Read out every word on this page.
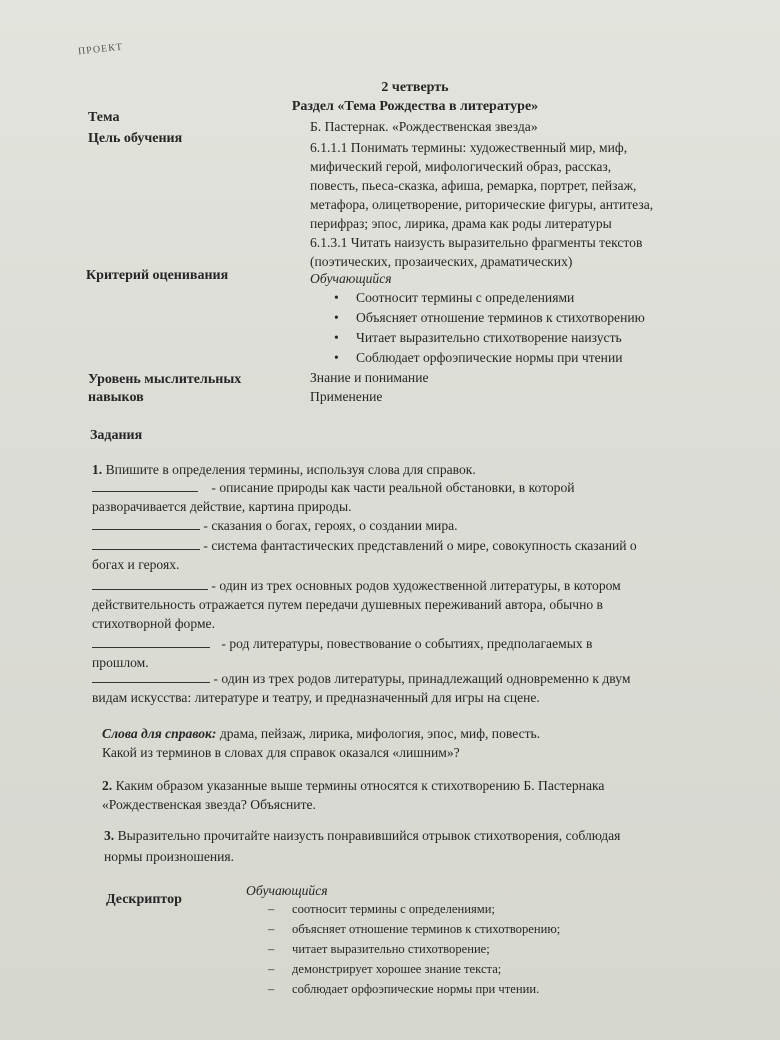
ПРОЕКТ
2 четверть
Раздел «Тема Рождества в литературе»
Тема
Б. Пастернак. «Рождественская звезда»
Цель обучения
6.1.1.1 Понимать термины: художественный мир, миф,
мифический герой, мифологический образ, рассказ,
повесть, пьеса-сказка, афиша, ремарка, портрет, пейзаж,
метафора, олицетворение, риторические фигуры, антитеза,
перифраз; эпос, лирика, драма как роды литературы
6.1.3.1 Читать наизусть выразительно фрагменты текстов
(поэтических, прозаических, драматических)
Критерий оценивания	Обучающийся
• Соотносит термины с определениями
• Объясняет отношение терминов к стихотворению
• Читает выразительно стихотворение наизусть
• Соблюдает орфоэпические нормы при чтении
Уровень мыслительных
навыков
Знание и понимание
Применение
Задания
1. Впишите в определения термины, используя слова для справок.
- описание природы как части реальной обстановки, в которой
разворачивается действие, картина природы.
- сказания о богах, героях, о создании мира.
- система фантастических представлений о мире, совокупность сказаний о
богах и героях.
- один из трех основных родов художественной литературы, в котором
действительность отражается путем передачи душевных переживаний автора, обычно в
стихотворной форме.
- род литературы, повествование о событиях, предполагаемых в
прошлом.
- один из трех родов литературы, принадлежащий одновременно к двум
видам искусства: литературе и театру, и предназначенный для игры на сцене.
Слова для справок: драма, пейзаж, лирика, мифология, эпос, миф, повесть.
Какой из терминов в словах для справок оказался «лишним»?
2. Каким образом указанные выше термины относятся к стихотворению Б. Пастернака
«Рождественская звезда? Объясните.
3. Выразительно прочитайте наизусть понравившийся отрывок стихотворения, соблюдая
нормы произношения.
Дескриптор
Обучающийся
– соотносит термины с определениями;
– объясняет отношение терминов к стихотворению;
– читает выразительно стихотворение;
– демонстрирует хорошее знание текста;
– соблюдает орфоэпические нормы при чтении.
